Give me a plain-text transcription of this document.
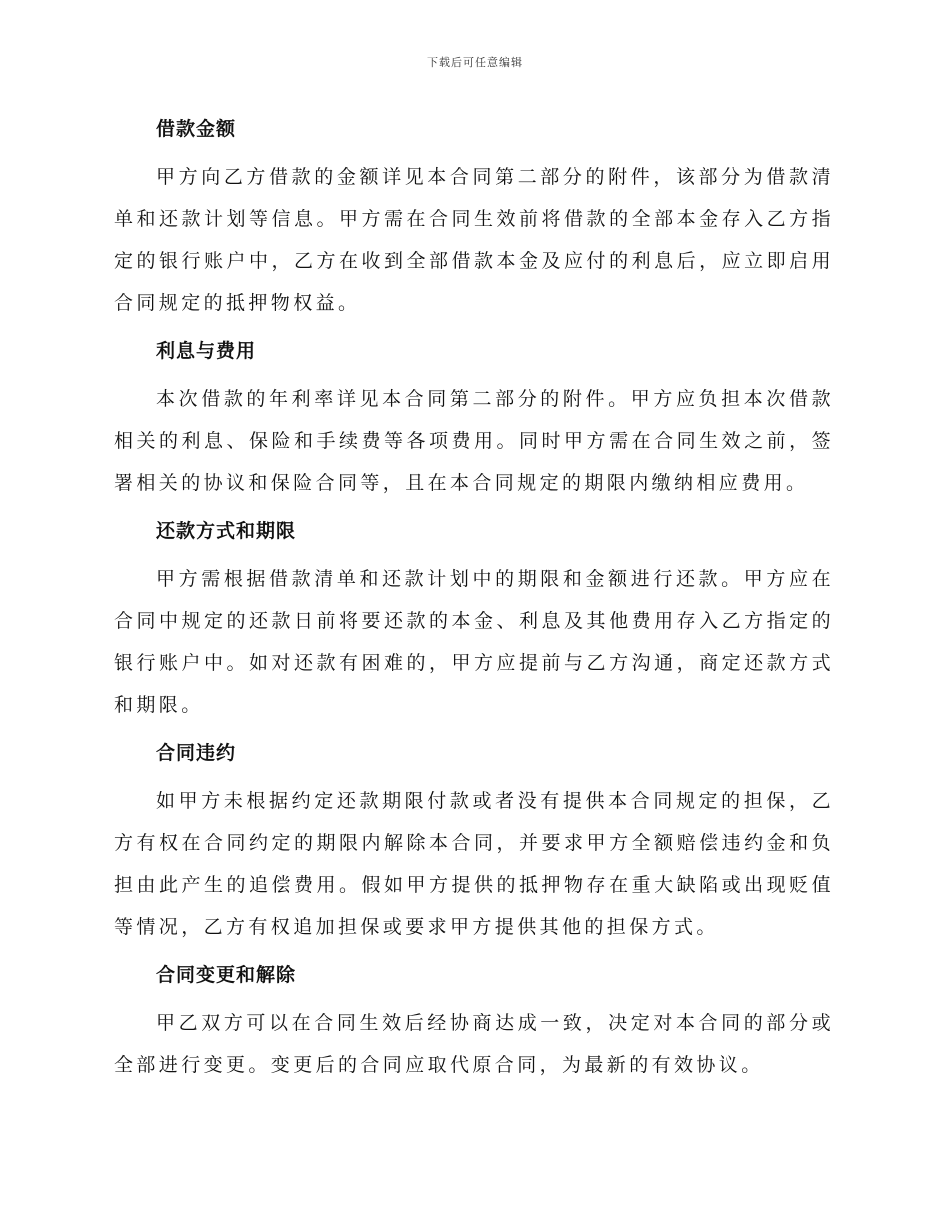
下载后可任意编辑
借款金额

甲方向乙方借款的金额详见本合同第二部分的附件，该部分为借款清单和还款计划等信息。甲方需在合同生效前将借款的全部本金存入乙方指定的银行账户中，乙方在收到全部借款本金及应付的利息后，应立即启用合同规定的抵押物权益。

利息与费用

本次借款的年利率详见本合同第二部分的附件。甲方应负担本次借款相关的利息、保险和手续费等各项费用。同时甲方需在合同生效之前，签署相关的协议和保险合同等，且在本合同规定的期限内缴纳相应费用。

还款方式和期限

甲方需根据借款清单和还款计划中的期限和金额进行还款。甲方应在合同中规定的还款日前将要还款的本金、利息及其他费用存入乙方指定的银行账户中。如对还款有困难的，甲方应提前与乙方沟通，商定还款方式和期限。

合同违约

如甲方未根据约定还款期限付款或者没有提供本合同规定的担保，乙方有权在合同约定的期限内解除本合同，并要求甲方全额赔偿违约金和负担由此产生的追偿费用。假如甲方提供的抵押物存在重大缺陷或出现贬值等情况，乙方有权追加担保或要求甲方提供其他的担保方式。

合同变更和解除

甲乙双方可以在合同生效后经协商达成一致，决定对本合同的部分或全部进行变更。变更后的合同应取代原合同，为最新的有效协议。
